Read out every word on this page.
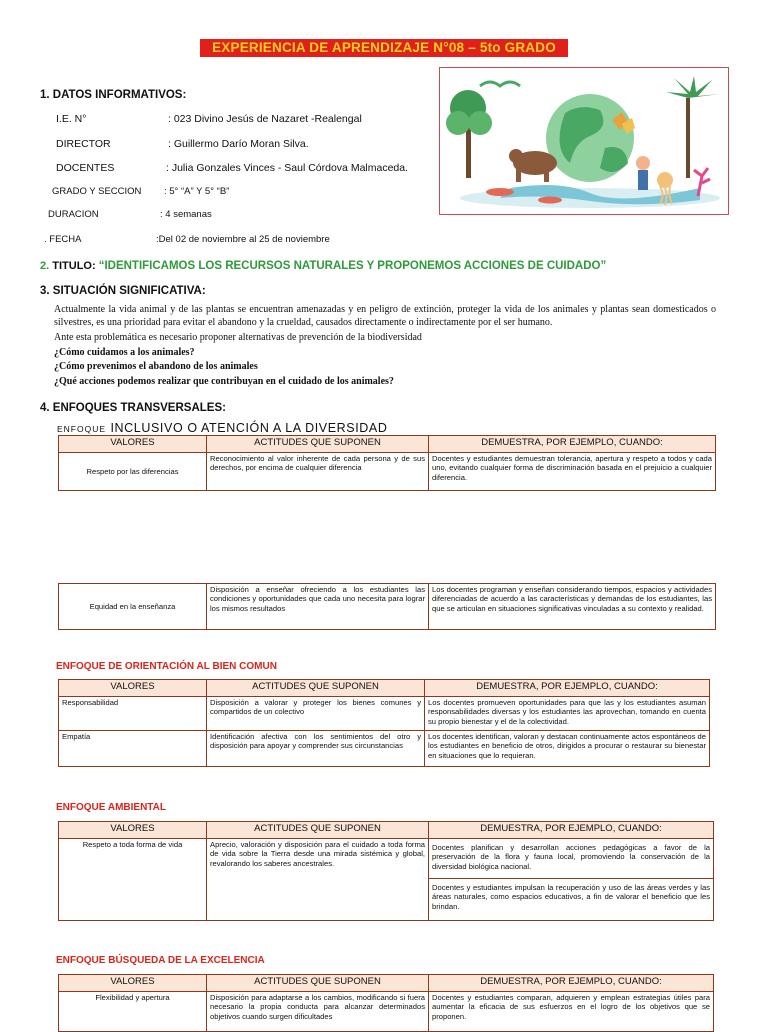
EXPERIENCIA DE APRENDIZAJE N°08 – 5to GRADO
1. DATOS INFORMATIVOS:
I.E. N°	: 023 Divino Jesús de Nazaret -Realengal
DIRECTOR	: Guillermo Darío Moran Silva.
DOCENTES	: Julia Gonzales Vinces - Saul Córdova Malmaceda.
GRADO Y SECCION : 5° “A” Y 5° “B”
DURACION	: 4 semanas
. FECHA	:Del 02 de noviembre al 25 de noviembre
2. TITULO: “IDENTIFICAMOS LOS RECURSOS NATURALES Y PROPONEMOS ACCIONES DE CUIDADO”
3. SITUACIÓN SIGNIFICATIVA:
Actualmente la vida animal y de las plantas se encuentran amenazadas y en peligro de extinción, proteger la vida de los animales y plantas sean domesticados o silvestres, es una prioridad para evitar el abandono y la crueldad, causados directamente o indirectamente por el ser humano.
Ante esta problemática es necesario proponer alternativas de prevención de la biodiversidad
¿Cómo cuidamos a los animales?
¿Cómo prevenimos el abandono de los animales
¿Qué acciones podemos realizar que contribuyan en el cuidado de los animales?
4. ENFOQUES TRANSVERSALES:
ENFOQUE INCLUSIVO O ATENCIÓN A LA DIVERSIDAD
VALORES	ACTITUDES QUE SUPONEN	DEMUESTRA, POR EJEMPLO, CUANDO:
Respeto por las diferencias	Reconocimiento al valor inherente de cada persona y de sus derechos, por encima de cualquier diferencia	Docentes y estudiantes demuestran tolerancia, apertura y respeto a todos y cada uno, evitando cualquier forma de discriminación basada en el prejuicio a cualquier diferencia.
Equidad en la enseñanza	Disposición a enseñar ofreciendo a los estudiantes las condiciones y oportunidades que cada uno necesita para lograr los mismos resultados	Los docentes programan y enseñan considerando tiempos, espacios y actividades diferenciadas de acuerdo a las características y demandas de los estudiantes, las que se articulan en situaciones significativas vinculadas a su contexto y realidad.
ENFOQUE DE ORIENTACIÓN AL BIEN COMUN
VALORES	ACTITUDES QUE SUPONEN	DEMUESTRA, POR EJEMPLO, CUANDO:
Responsabilidad	Disposición a valorar y proteger los bienes comunes y compartidos de un colectivo	Los docentes promueven oportunidades para que las y los estudiantes asuman responsabilidades diversas y los estudiantes las aprovechan, tomando en cuenta su propio bienestar y el de la colectividad.
Empatía	Identificación afectiva con los sentimientos del otro y disposición para apoyar y comprender sus circunstancias	Los docentes identifican, valoran y destacan continuamente actos espontáneos de los estudiantes en beneficio de otros, dirigidos a procurar o restaurar su bienestar en situaciones que lo requieran.
ENFOQUE AMBIENTAL
VALORES	ACTITUDES QUE SUPONEN	DEMUESTRA, POR EJEMPLO, CUANDO:
Respeto a toda forma de vida	Aprecio, valoración y disposición para el cuidado a toda forma de vida sobre la Tierra desde una mirada sistémica y global, revalorando los saberes ancestrales.	Docentes planifican y desarrollan acciones pedagógicas a favor de la preservación de la flora y fauna local, promoviendo la conservación de la diversidad biológica nacional.
		Docentes y estudiantes impulsan la recuperación y uso de las áreas verdes y las áreas naturales, como espacios educativos, a fin de valorar el beneficio que les brindan.
ENFOQUE BÚSQUEDA DE LA EXCELENCIA
VALORES	ACTITUDES QUE SUPONEN	DEMUESTRA, POR EJEMPLO, CUANDO:
Flexibilidad y apertura	Disposición para adaptarse a los cambios, modificando si fuera necesario la propia conducta para alcanzar determinados objetivos cuando surgen dificultades	Docentes y estudiantes comparan, adquieren y emplean estrategias útiles para aumentar la eficacia de sus esfuerzos en el logro de los objetivos que se proponen.
